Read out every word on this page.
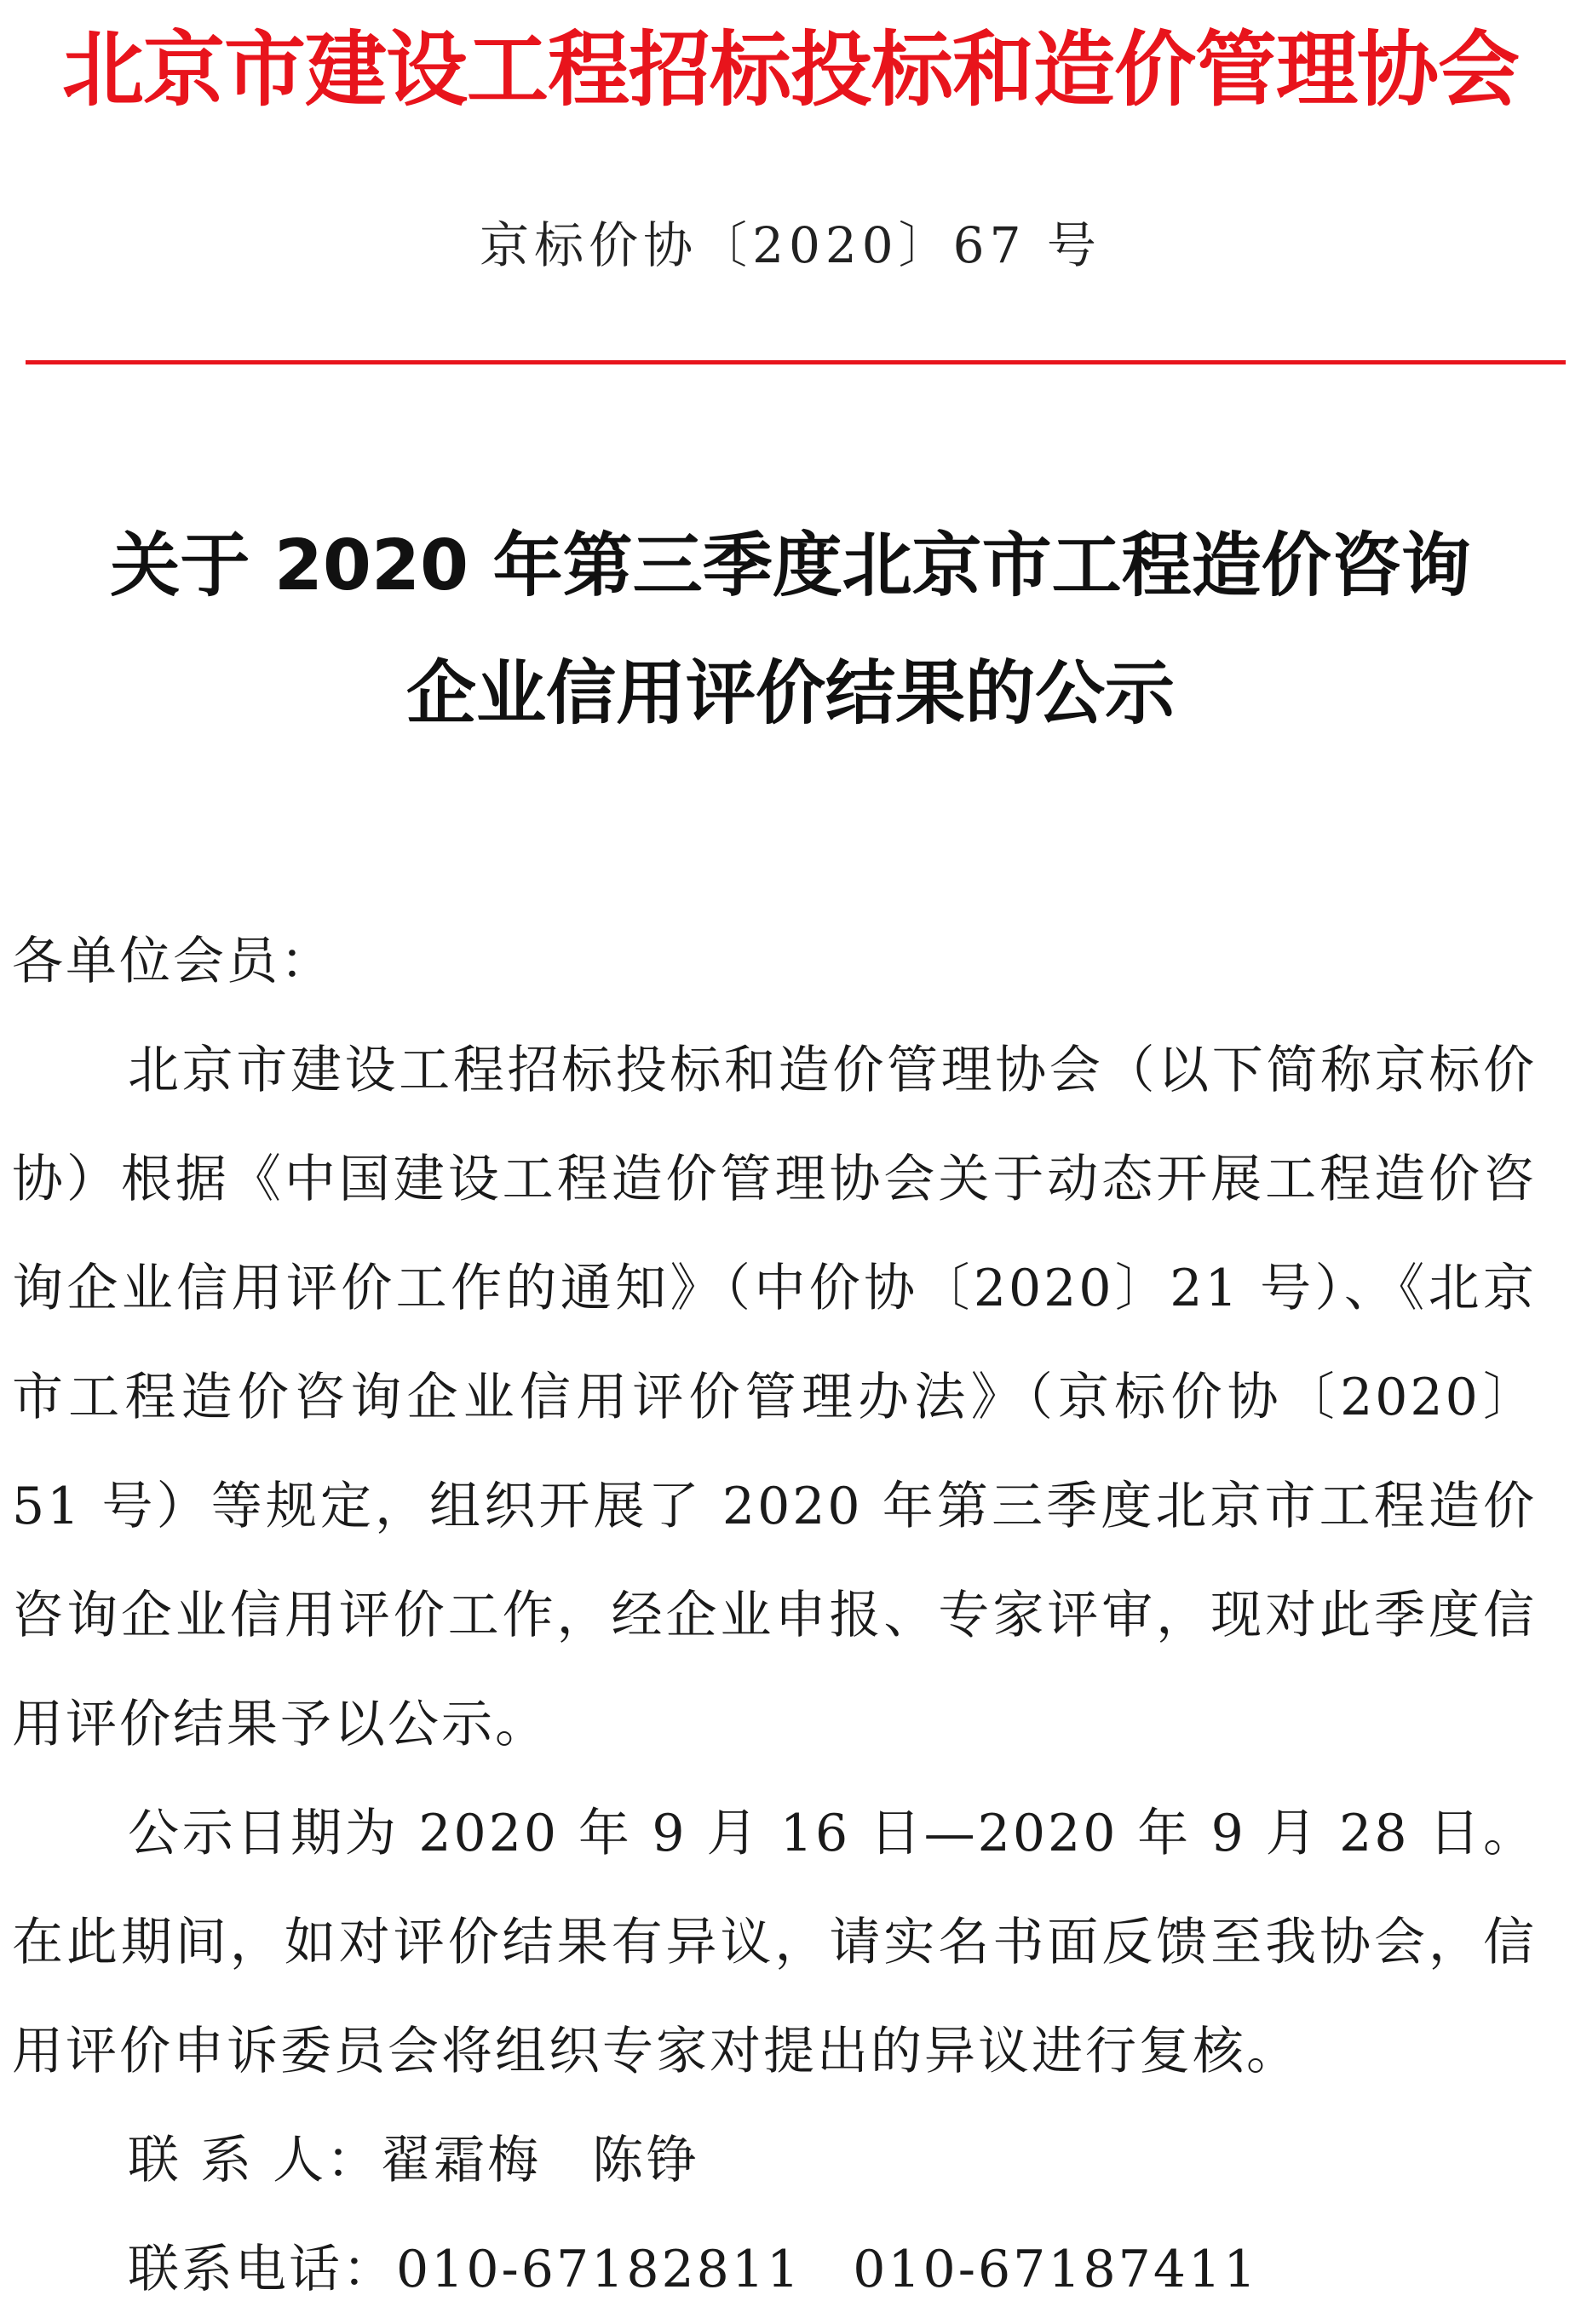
北京市建设工程招标投标和造价管理协会
京标价协〔2020〕67 号
关于 2020 年第三季度北京市工程造价咨询
企业信用评价结果的公示

各单位会员：

北京市建设工程招标投标和造价管理协会（以下简称京标价协）根据《中国建设工程造价管理协会关于动态开展工程造价咨询企业信用评价工作的通知》（中价协〔2020〕21 号）、《北京市工程造价咨询企业信用评价管理办法》（京标价协〔2020〕51 号）等规定，组织开展了 2020 年第三季度北京市工程造价咨询企业信用评价工作，经企业申报、专家评审，现对此季度信用评价结果予以公示。

公示日期为 2020 年 9 月 16 日—2020 年 9 月 28 日。在此期间，如对评价结果有异议，请实名书面反馈至我协会，信用评价申诉委员会将组织专家对提出的异议进行复核。

联 系 人：翟霜梅 陈铮

联系电话：010-67182811 010-67187411
